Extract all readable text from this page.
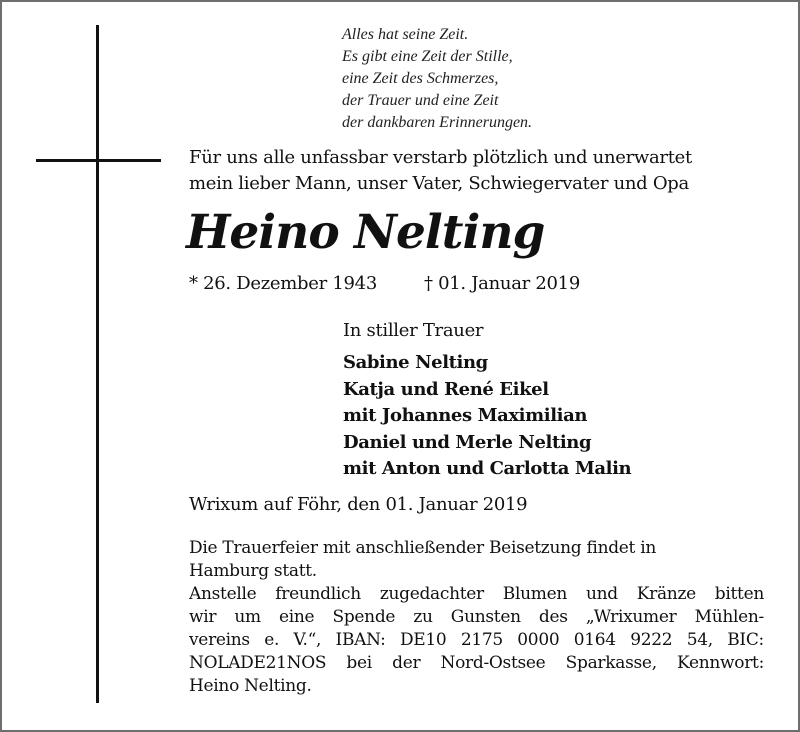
Alles hat seine Zeit.
Es gibt eine Zeit der Stille,
eine Zeit des Schmerzes,
der Trauer und eine Zeit
der dankbaren Erinnerungen.
Für uns alle unfassbar verstarb plötzlich und unerwartet
mein lieber Mann, unser Vater, Schwiegervater und Opa
Heino Nelting
* 26. Dezember 1943	† 01. Januar 2019
In stiller Trauer
Sabine Nelting
Katja und René Eikel
mit Johannes Maximilian
Daniel und Merle Nelting
mit Anton und Carlotta Malin
Wrixum auf Föhr, den 01. Januar 2019
Die Trauerfeier mit anschließender Beisetzung findet in
Hamburg statt.
Anstelle freundlich zugedachter Blumen und Kränze bitten
wir um eine Spende zu Gunsten des „Wrixumer Mühlen-
vereins e. V.“, IBAN: DE10 2175 0000 0164 9222 54, BIC:
NOLADE21NOS bei der Nord-Ostsee Sparkasse, Kennwort:
Heino Nelting.
